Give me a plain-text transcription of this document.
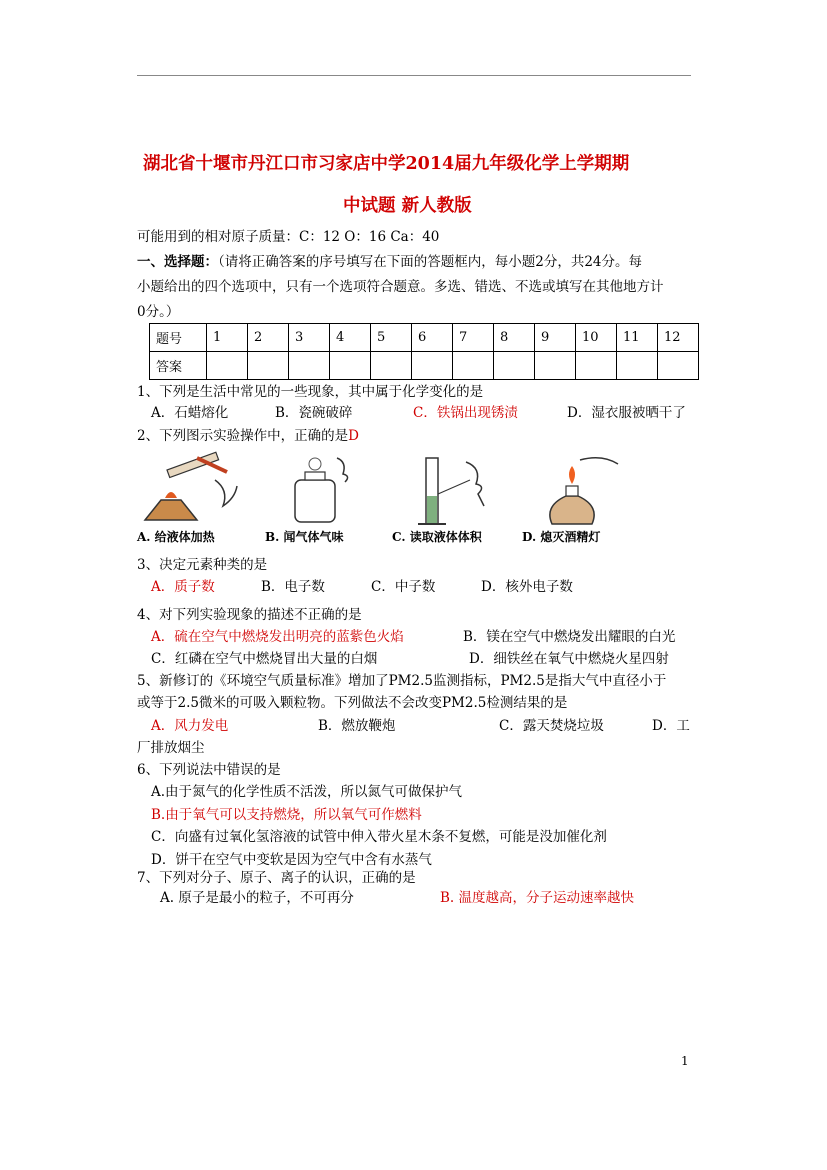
湖北省十堰市丹江口市习家店中学2014届九年级化学上学期期
中试题 新人教版
可能用到的相对原子质量：C：12 O：16 Ca：40
一、选择题：（请将正确答案的序号填写在下面的答题框内，每小题2分，共24分。每
小题给出的四个选项中，只有一个选项符合题意。多选、错选、不选或填写在其他地方计
0分。）
题号	1	2	3	4	5	6	7	8	9	10	11	12
答案												
1、下列是生活中常见的一些现象，其中属于化学变化的是
A．石蜡熔化	B．瓷碗破碎	C．铁锅出现锈渍	D．湿衣服被晒干了
2、下列图示实验操作中，正确的是D
A. 给液体加热	B. 闻气体气味	C. 读取液体体积	D. 熄灭酒精灯
3、决定元素种类的是
A．质子数	B．电子数	C．中子数	D．核外电子数
4、对下列实验现象的描述不正确的是
A．硫在空气中燃烧发出明亮的蓝紫色火焰	B．镁在空气中燃烧发出耀眼的白光
C．红磷在空气中燃烧冒出大量的白烟	D．细铁丝在氧气中燃烧火星四射
5、新修订的《环境空气质量标准》增加了PM2.5监测指标，PM2.5是指大气中直径小于
或等于2.5微米的可吸入颗粒物。下列做法不会改变PM2.5检测结果的是
A．风力发电	B．燃放鞭炮	C．露天焚烧垃圾	D．工
厂排放烟尘
6、下列说法中错误的是
A.由于氮气的化学性质不活泼，所以氮气可做保护气
B.由于氧气可以支持燃烧，所以氧气可作燃料
C．向盛有过氧化氢溶液的试管中伸入带火星木条不复燃，可能是没加催化剂
D．饼干在空气中变软是因为空气中含有水蒸气
7、下列对分子、原子、离子的认识，正确的是
A. 原子是最小的粒子，不可再分	B. 温度越高，分子运动速率越快
1
